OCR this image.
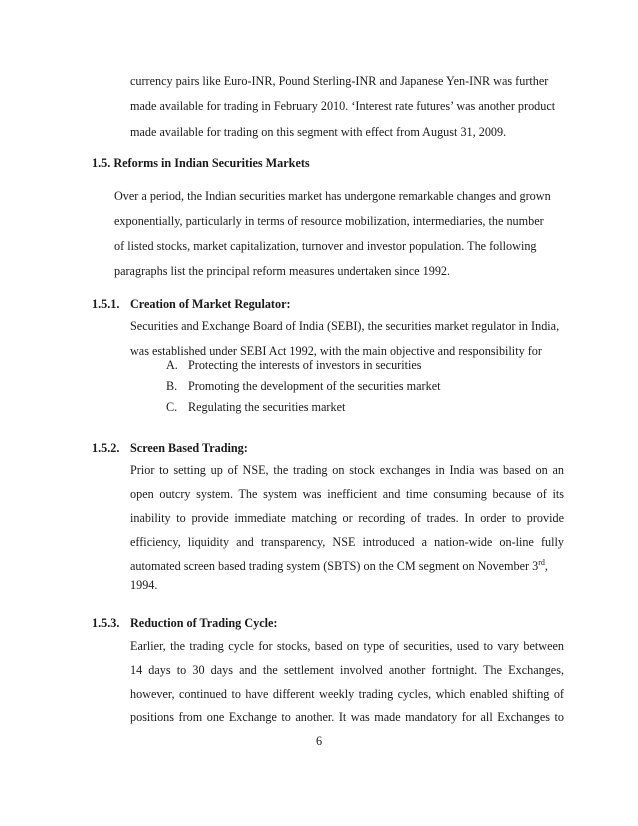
currency pairs like Euro-INR, Pound Sterling-INR and Japanese Yen-INR was further
made available for trading in February 2010. ‘Interest rate futures’ was another product
made available for trading on this segment with effect from August 31, 2009.
1.5. Reforms in Indian Securities Markets
Over a period, the Indian securities market has undergone remarkable changes and grown
exponentially, particularly in terms of resource mobilization, intermediaries, the number
of listed stocks, market capitalization, turnover and investor population. The following
paragraphs list the principal reform measures undertaken since 1992.
1.5.1. Creation of Market Regulator:
Securities and Exchange Board of India (SEBI), the securities market regulator in India,
was established under SEBI Act 1992, with the main objective and responsibility for
A. Protecting the interests of investors in securities
B. Promoting the development of the securities market
C. Regulating the securities market
1.5.2. Screen Based Trading:
Prior to setting up of NSE, the trading on stock exchanges in India was based on an
open outcry system. The system was inefficient and time consuming because of its
inability to provide immediate matching or recording of trades. In order to provide
efficiency, liquidity and transparency, NSE introduced a nation-wide on-line fully
automated screen based trading system (SBTS) on the CM segment on November 3rd,
1994.
1.5.3. Reduction of Trading Cycle:
Earlier, the trading cycle for stocks, based on type of securities, used to vary between
14 days to 30 days and the settlement involved another fortnight. The Exchanges,
however, continued to have different weekly trading cycles, which enabled shifting of
positions from one Exchange to another. It was made mandatory for all Exchanges to
6
